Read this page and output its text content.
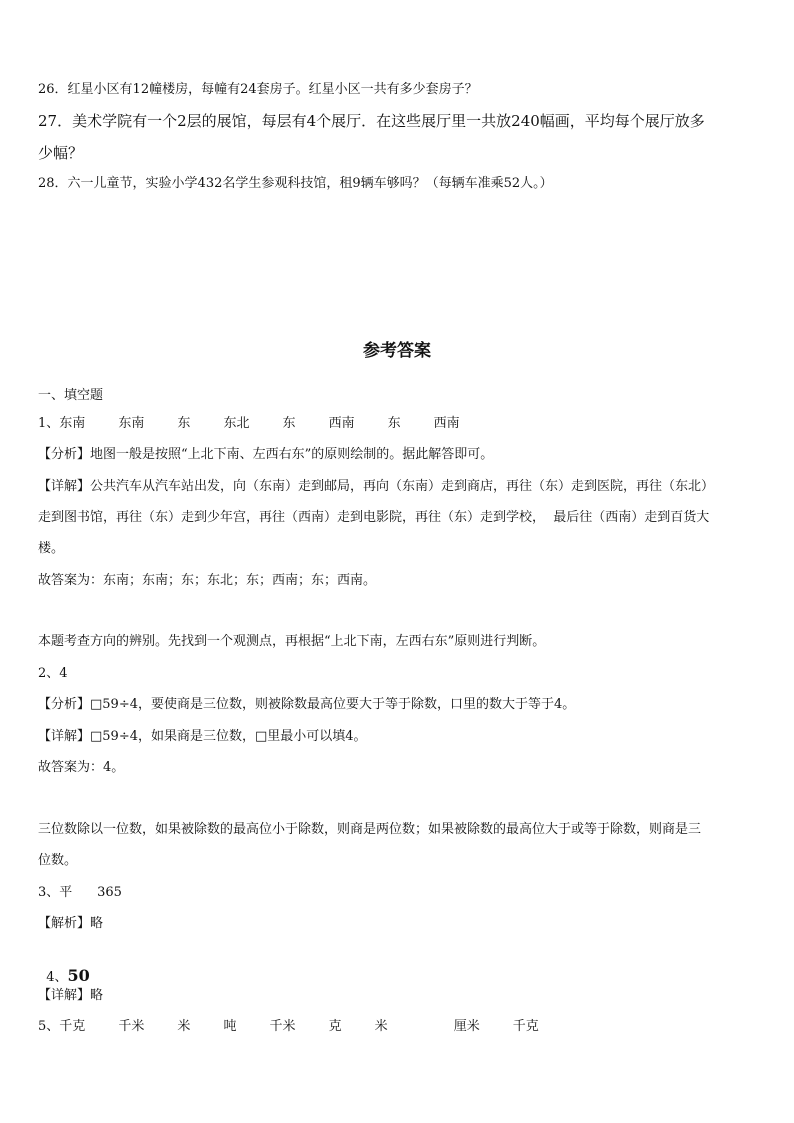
26．红星小区有12幢楼房，每幢有24套房子。红星小区一共有多少套房子？
27．美术学院有一个2层的展馆，每层有4个展厅．在这些展厅里一共放240幅画，平均每个展厅放多
少幅？
28．六一儿童节，实验小学432名学生参观科技馆，租9辆车够吗？（每辆车准乘52人。）
参考答案
一、填空题
1、东南        东南        东        东北        东        西南        东        西南
【分析】地图一般是按照“上北下南、左西右东”的原则绘制的。据此解答即可。
【详解】公共汽车从汽车站出发，向（东南）走到邮局，再向（东南）走到商店，再往（东）走到医院，再往（东北）
走到图书馆，再往（东）走到少年宫，再往（西南）走到电影院，再往（东）走到学校，  最后往（西南）走到百货大
楼。
故答案为：东南；东南；东；东北；东；西南；东；西南。
本题考查方向的辨别。先找到一个观测点，再根据“上北下南，左西右东”原则进行判断。
2、4
【分析】□59÷4，要使商是三位数，则被除数最高位要大于等于除数，口里的数大于等于4。
【详解】□59÷4，如果商是三位数，□里最小可以填4。
故答案为：4。
三位数除以一位数，如果被除数的最高位小于除数，则商是两位数；如果被除数的最高位大于或等于除数，则商是三
位数。
3、平      365
【解析】略

4、50

【详解】略
5、千克        千米        米        吨        千米        克        米                厘米        千克
